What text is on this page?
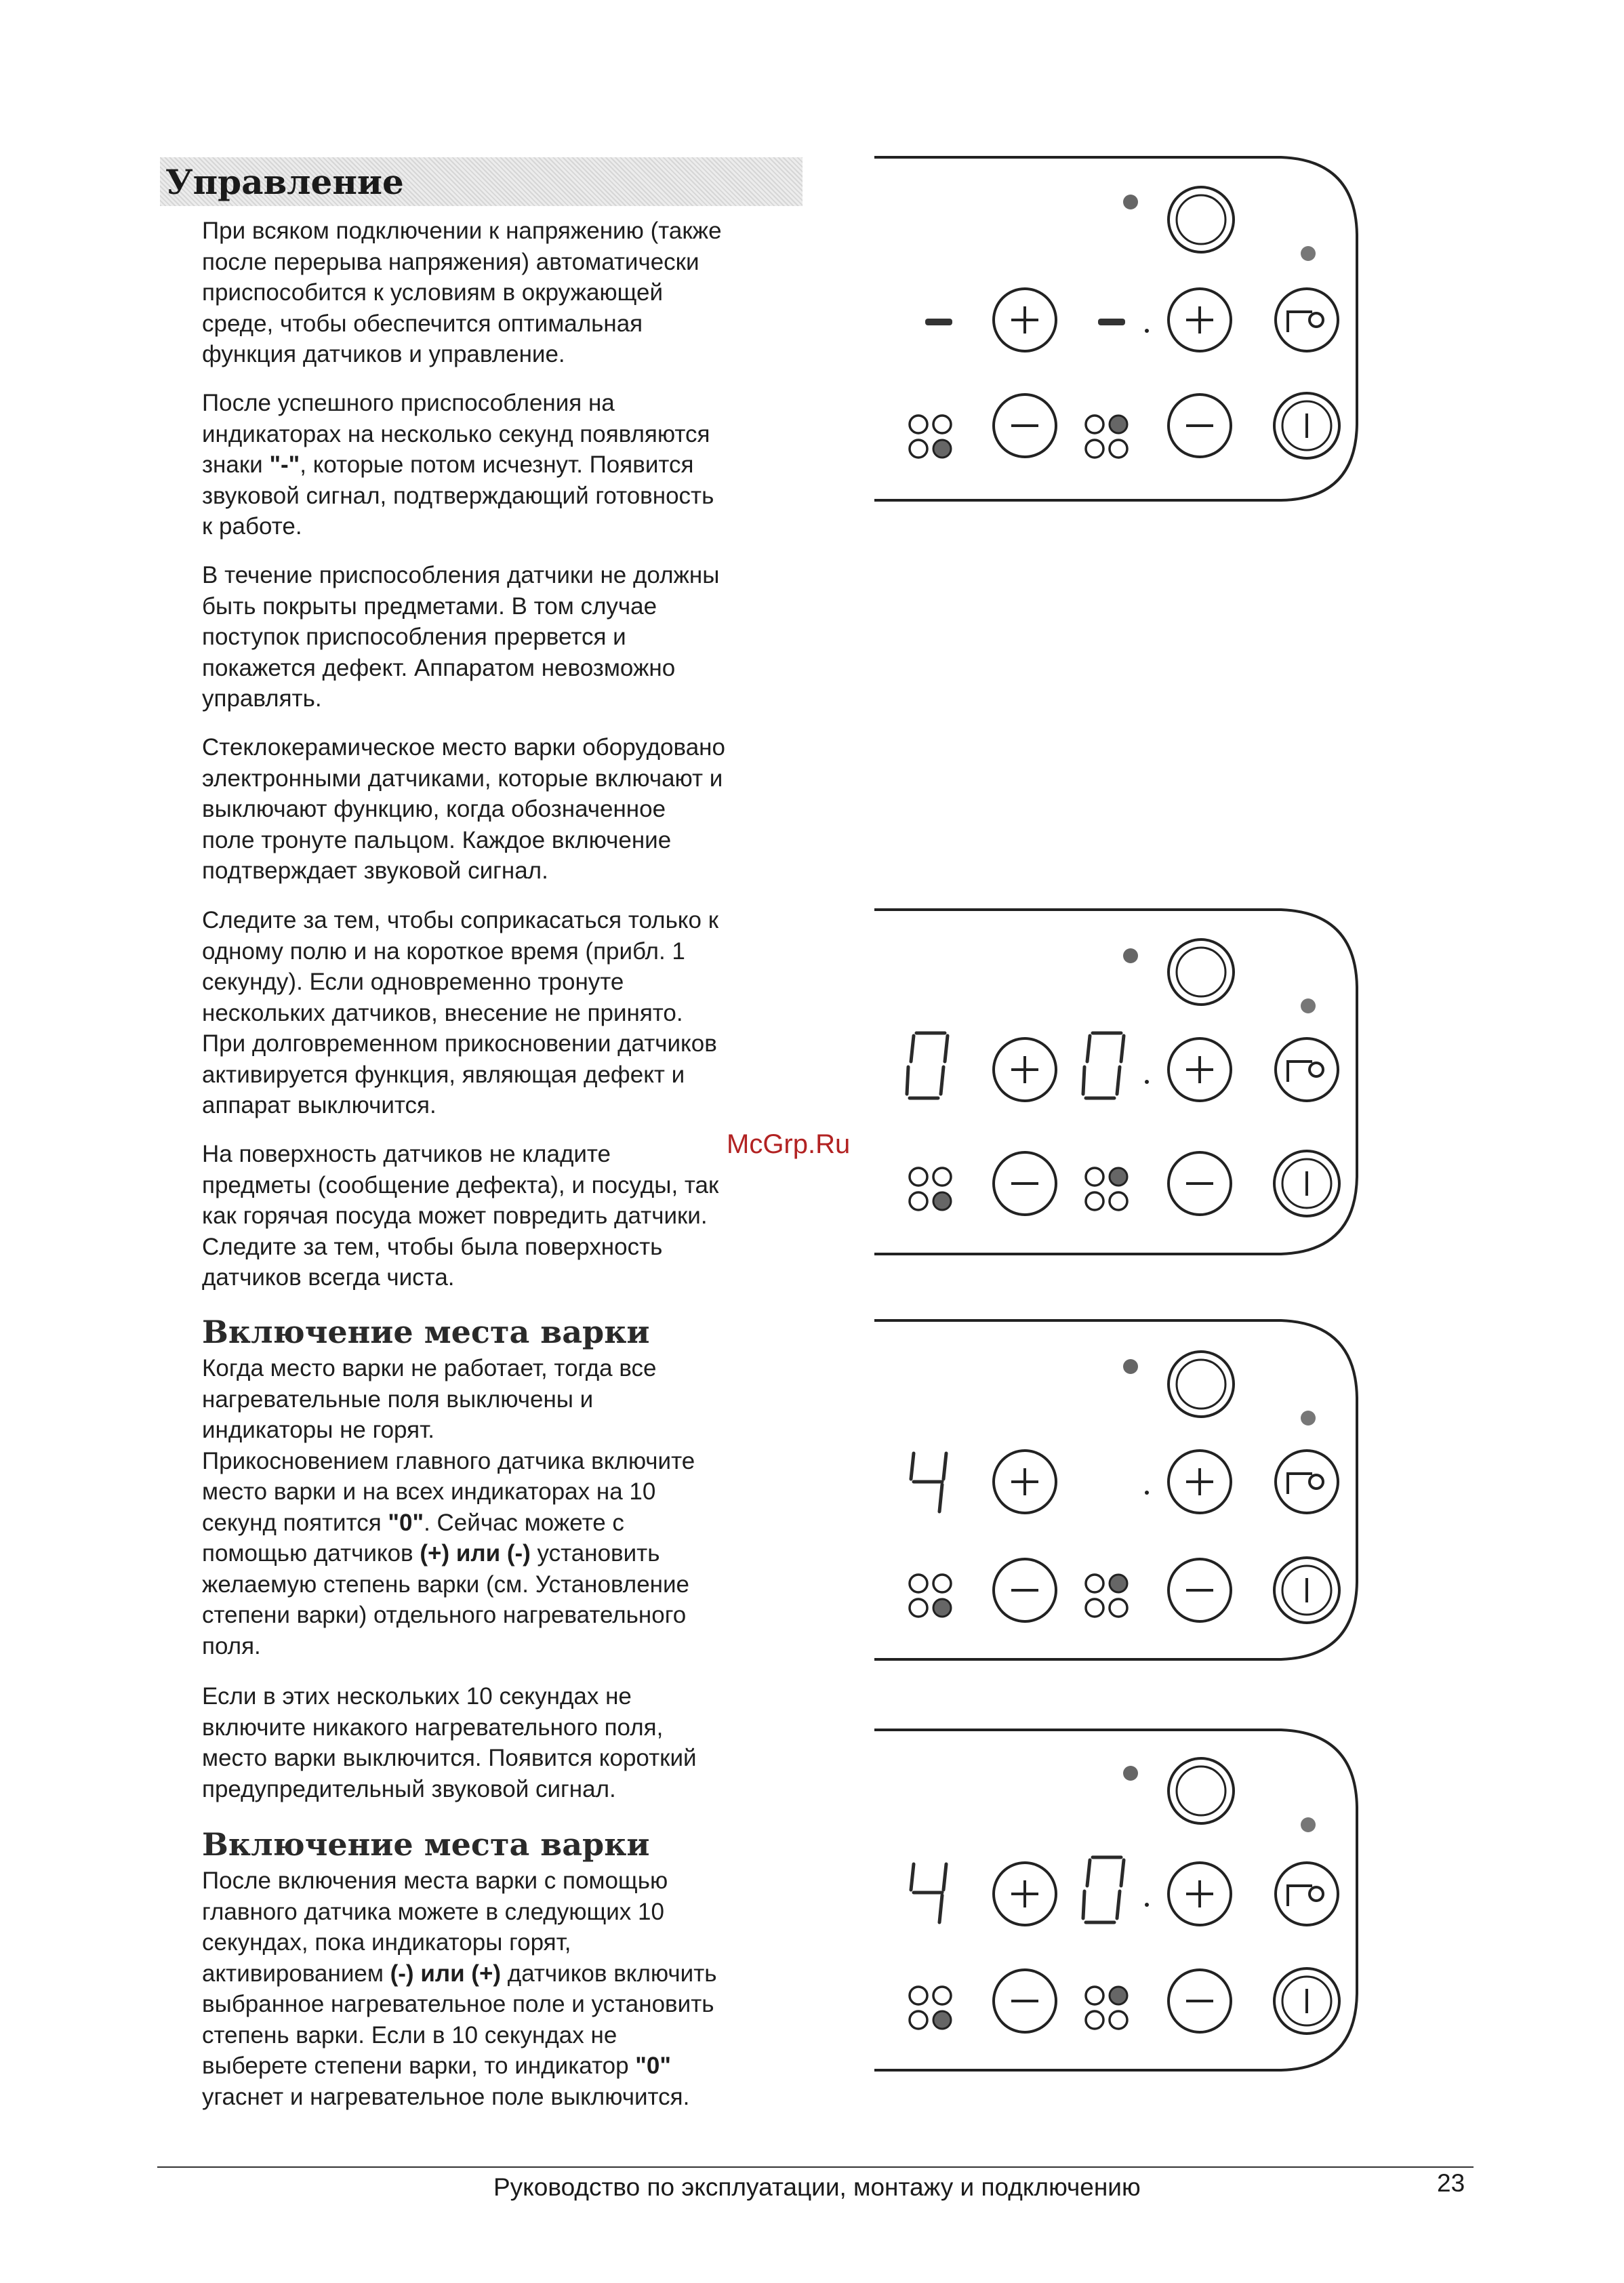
Управление
При всяком подключении к напряжению (также
после перерыва напряжения) автоматически
приспособится к условиям в окружающей
среде, чтобы обеспечится оптимальная
функция датчиков и управление.
После успешного приспособления на
индикаторах на несколько секунд появляются
знаки "-", которые потом исчезнут. Появится
звуковой сигнал, подтверждающий готовность
к работе.
В течение приспособления датчики не должны
быть покрыты предметами. В том случае
поступок приспособления прервется и
покажется дефект. Аппаратом невозможно
управлять.
Стеклокерамическое место варки оборудовано
электронными датчиками, которые включают и
выключают функцию, когда обозначенное
поле тронуте пальцом. Каждое включение
подтверждает звуковой сигнал.
Следите за тем, чтобы соприкасаться только к
одному полю и на короткое время (прибл. 1
секунду). Если одновременно тронуте
нескольких датчиков, внесение не принято.
При долговременном прикосновении датчиков
активируется функция, являющая дефект и
аппарат выключится.
На поверхность датчиков не кладите
предметы (сообщение дефекта), и посуды, так
как горячая посуда может повредить датчики.
Следите за тем, чтобы была поверхность
датчиков всегда чиста.
Включение места варки
Когда место варки не работает, тогда все
нагревательные поля выключены и
индикаторы не горят.
Прикосновением главного датчика включите
место варки и на всех индикаторах на 10
секунд поятится "0". Сейчас можете с
помощью датчиков (+) или (-) установить
желаемую степень варки (см. Установление
степени варки) отдельного нагревательного
поля.
Если в этих нескольких 10 секундах не
включите никакого нагревательного поля,
место варки выключится. Появится короткий
предупредительный звуковой сигнал.
Включение места варки
После включения места варки с помощью
главного датчика можете в следующих 10
секундах, пока индикаторы горят,
активированием (-) или (+) датчиков включить
выбранное нагревательное поле и установить
степень варки. Если в 10 секундах не
выберете степени варки, то индикатор "0"
угаснет и нагревательное поле выключится.
McGrp.Ru
Руководство по эксплуатации, монтажу и подключению	23
